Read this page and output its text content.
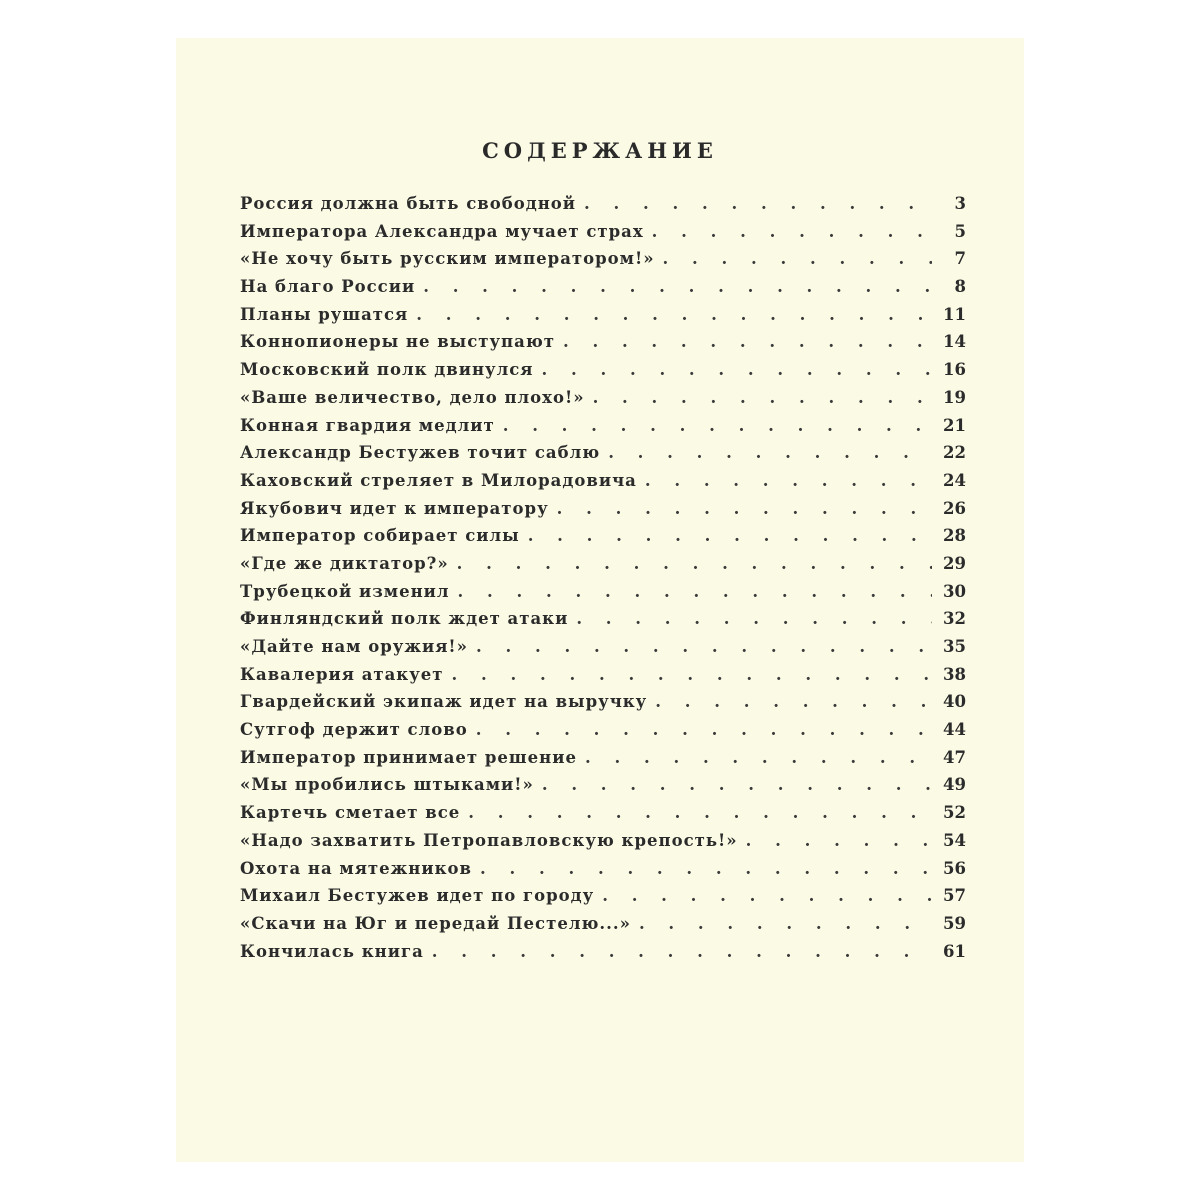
СОДЕРЖАНИЕ
Россия должна быть свободной . . .	3
Императора Александра мучает страх . . .	5
«Не хочу быть русским императором!» . . .	7
На благо России . . .	8
Планы рушатся . . .	11
Коннопионеры не выступают . . .	14
Московский полк двинулся . . .	16
«Ваше величество, дело плохо!» . . .	19
Конная гвардия медлит . . .	21
Александр Бестужев точит саблю . . .	22
Каховский стреляет в Милорадовича . . .	24
Якубович идет к императору . . .	26
Император собирает силы . . .	28
«Где же диктатор?» . . .	29
Трубецкой изменил . . .	30
Финляндский полк ждет атаки . . .	32
«Дайте нам оружия!» . . .	35
Кавалерия атакует . . .	38
Гвардейский экипаж идет на выручку . . .	40
Сутгоф держит слово . . .	44
Император принимает решение . . .	47
«Мы пробились штыками!» . . .	49
Картечь сметает все . . .	52
«Надо захватить Петропавловскую крепость!» . . .	54
Охота на мятежников . . .	56
Михаил Бестужев идет по городу . . .	57
«Скачи на Юг и передай Пестелю...» . . .	59
Кончилась книга . . .	61
